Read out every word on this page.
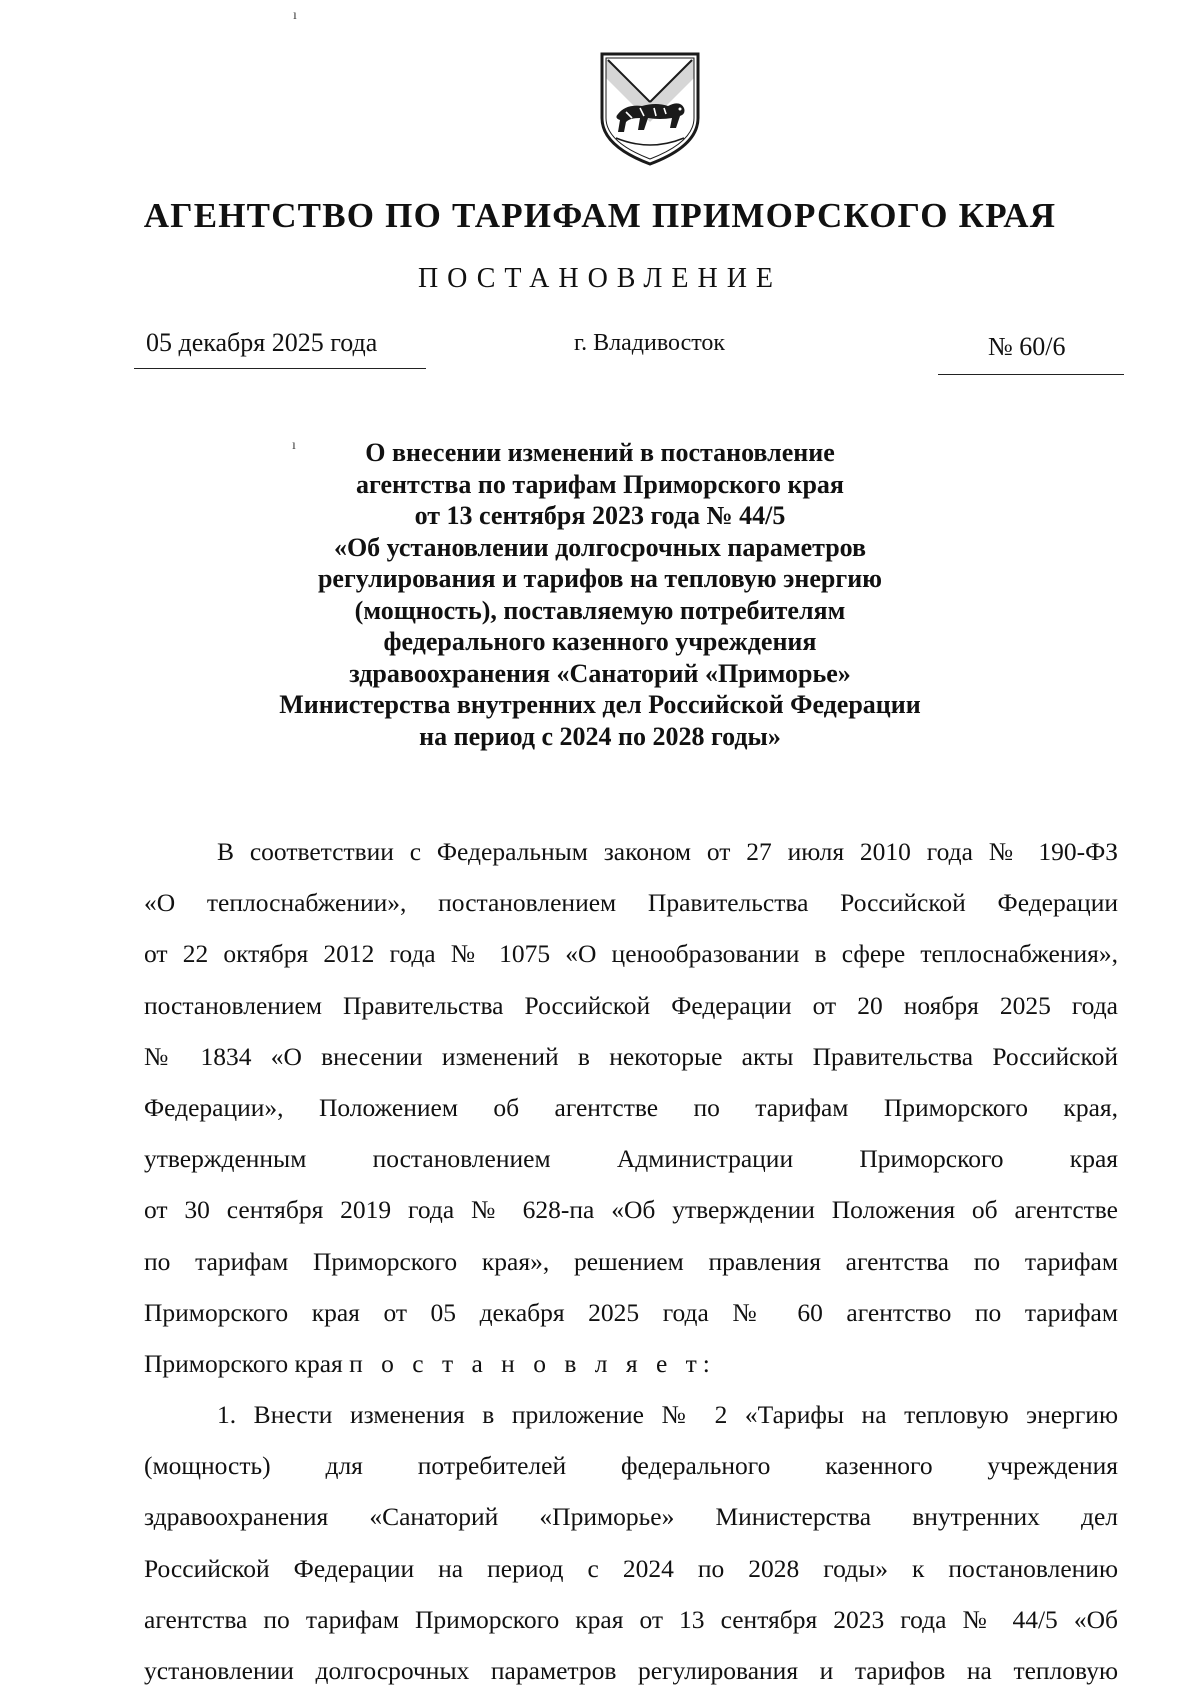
АГЕНТСТВО ПО ТАРИФАМ ПРИМОРСКОГО КРАЯ
ПОСТАНОВЛЕНИЕ
05 декабря 2025 года	г. Владивосток	№ 60/6
О внесении изменений в постановление
агентства по тарифам Приморского края
от 13 сентября 2023 года № 44/5
«Об установлении долгосрочных параметров
регулирования и тарифов на тепловую энергию
(мощность), поставляемую потребителям
федерального казенного учреждения
здравоохранения «Санаторий «Приморье»
Министерства внутренних дел Российской Федерации
на период с 2024 по 2028 годы»
В соответствии с Федеральным законом от 27 июля 2010 года № 190-ФЗ
«О теплоснабжении», постановлением Правительства Российской Федерации
от 22 октября 2012 года № 1075 «О ценообразовании в сфере теплоснабжения»,
постановлением Правительства Российской Федерации от 20 ноября 2025 года
№ 1834 «О внесении изменений в некоторые акты Правительства Российской
Федерации», Положением об агентстве по тарифам Приморского края,
утвержденным постановлением Администрации Приморского края
от 30 сентября 2019 года № 628-па «Об утверждении Положения об агентстве
по тарифам Приморского края», решением правления агентства по тарифам
Приморского края от 05 декабря 2025 года № 60 агентство по тарифам
Приморского края п о с т а н о в л я е т:
1. Внести изменения в приложение № 2 «Тарифы на тепловую энергию
(мощность) для потребителей федерального казенного учреждения
здравоохранения «Санаторий «Приморье» Министерства внутренних дел
Российской Федерации на период с 2024 по 2028 годы» к постановлению
агентства по тарифам Приморского края от 13 сентября 2023 года № 44/5 «Об
установлении долгосрочных параметров регулирования и тарифов на тепловую
ı
ı
